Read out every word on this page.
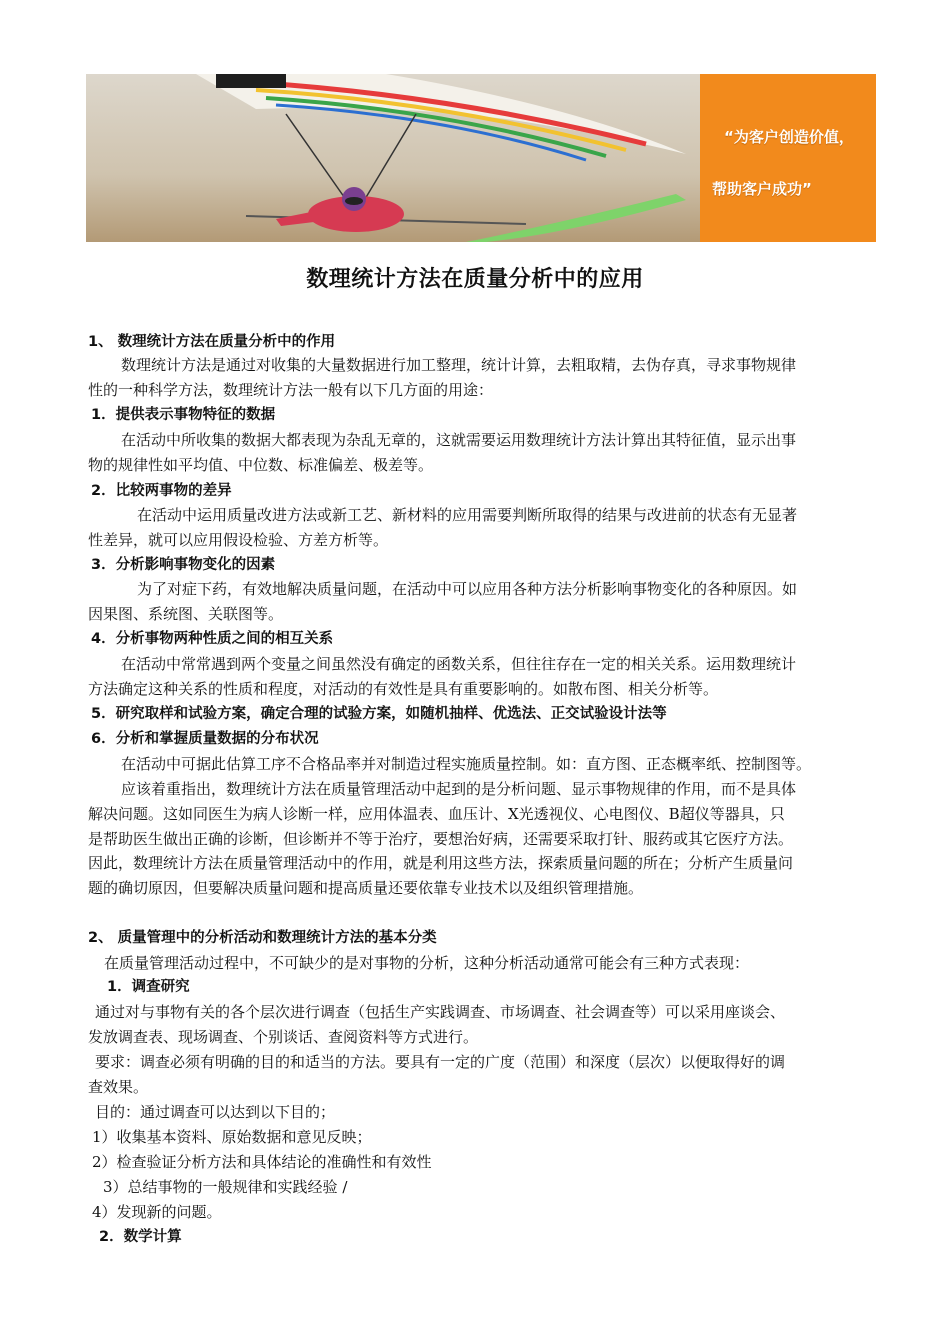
“为客户创造价值，
帮助客户成功”
数理统计方法在质量分析中的应用
1、 数理统计方法在质量分析中的作用
数理统计方法是通过对收集的大量数据进行加工整理，统计计算，去粗取精，去伪存真，寻求事物规律
性的一种科学方法，数理统计方法一般有以下几方面的用途：
1．提供表示事物特征的数据
在活动中所收集的数据大都表现为杂乱无章的，这就需要运用数理统计方法计算出其特征值，显示出事
物的规律性如平均值、中位数、标准偏差、极差等。
2．比较两事物的差异
在活动中运用质量改进方法或新工艺、新材料的应用需要判断所取得的结果与改进前的状态有无显著
性差异，就可以应用假设检验、方差方析等。
3．分析影响事物变化的因素
为了对症下药，有效地解决质量问题，在活动中可以应用各种方法分析影响事物变化的各种原因。如
因果图、系统图、关联图等。
4．分析事物两种性质之间的相互关系
在活动中常常遇到两个变量之间虽然没有确定的函数关系，但往往存在一定的相关关系。运用数理统计
方法确定这种关系的性质和程度，对活动的有效性是具有重要影响的。如散布图、相关分析等。
5．研究取样和试验方案，确定合理的试验方案，如随机抽样、优选法、正交试验设计法等
6．分析和掌握质量数据的分布状况
在活动中可据此估算工序不合格品率并对制造过程实施质量控制。如：直方图、正态概率纸、控制图等。
应该着重指出，数理统计方法在质量管理活动中起到的是分析问题、显示事物规律的作用，而不是具体
解决问题。这如同医生为病人诊断一样，应用体温表、血压计、X光透视仪、心电图仪、B超仪等器具，只
是帮助医生做出正确的诊断，但诊断并不等于治疗，要想治好病，还需要采取打针、服药或其它医疗方法。
因此，数理统计方法在质量管理活动中的作用，就是利用这些方法，探索质量问题的所在；分析产生质量问
题的确切原因，但要解决质量问题和提高质量还要依靠专业技术以及组织管理措施。
2、 质量管理中的分析活动和数理统计方法的基本分类
在质量管理活动过程中，不可缺少的是对事物的分析，这种分析活动通常可能会有三种方式表现：
1．调查研究
通过对与事物有关的各个层次进行调查（包括生产实践调查、市场调查、社会调查等）可以采用座谈会、
发放调查表、现场调查、个别谈话、查阅资料等方式进行。
要求：调查必须有明确的目的和适当的方法。要具有一定的广度（范围）和深度（层次）以便取得好的调
查效果。
目的：通过调查可以达到以下目的；
1）收集基本资料、原始数据和意见反映；
2）检查验证分析方法和具体结论的准确性和有效性
3）总结事物的一般规律和实践经验 /
4）发现新的问题。
2．数学计算
